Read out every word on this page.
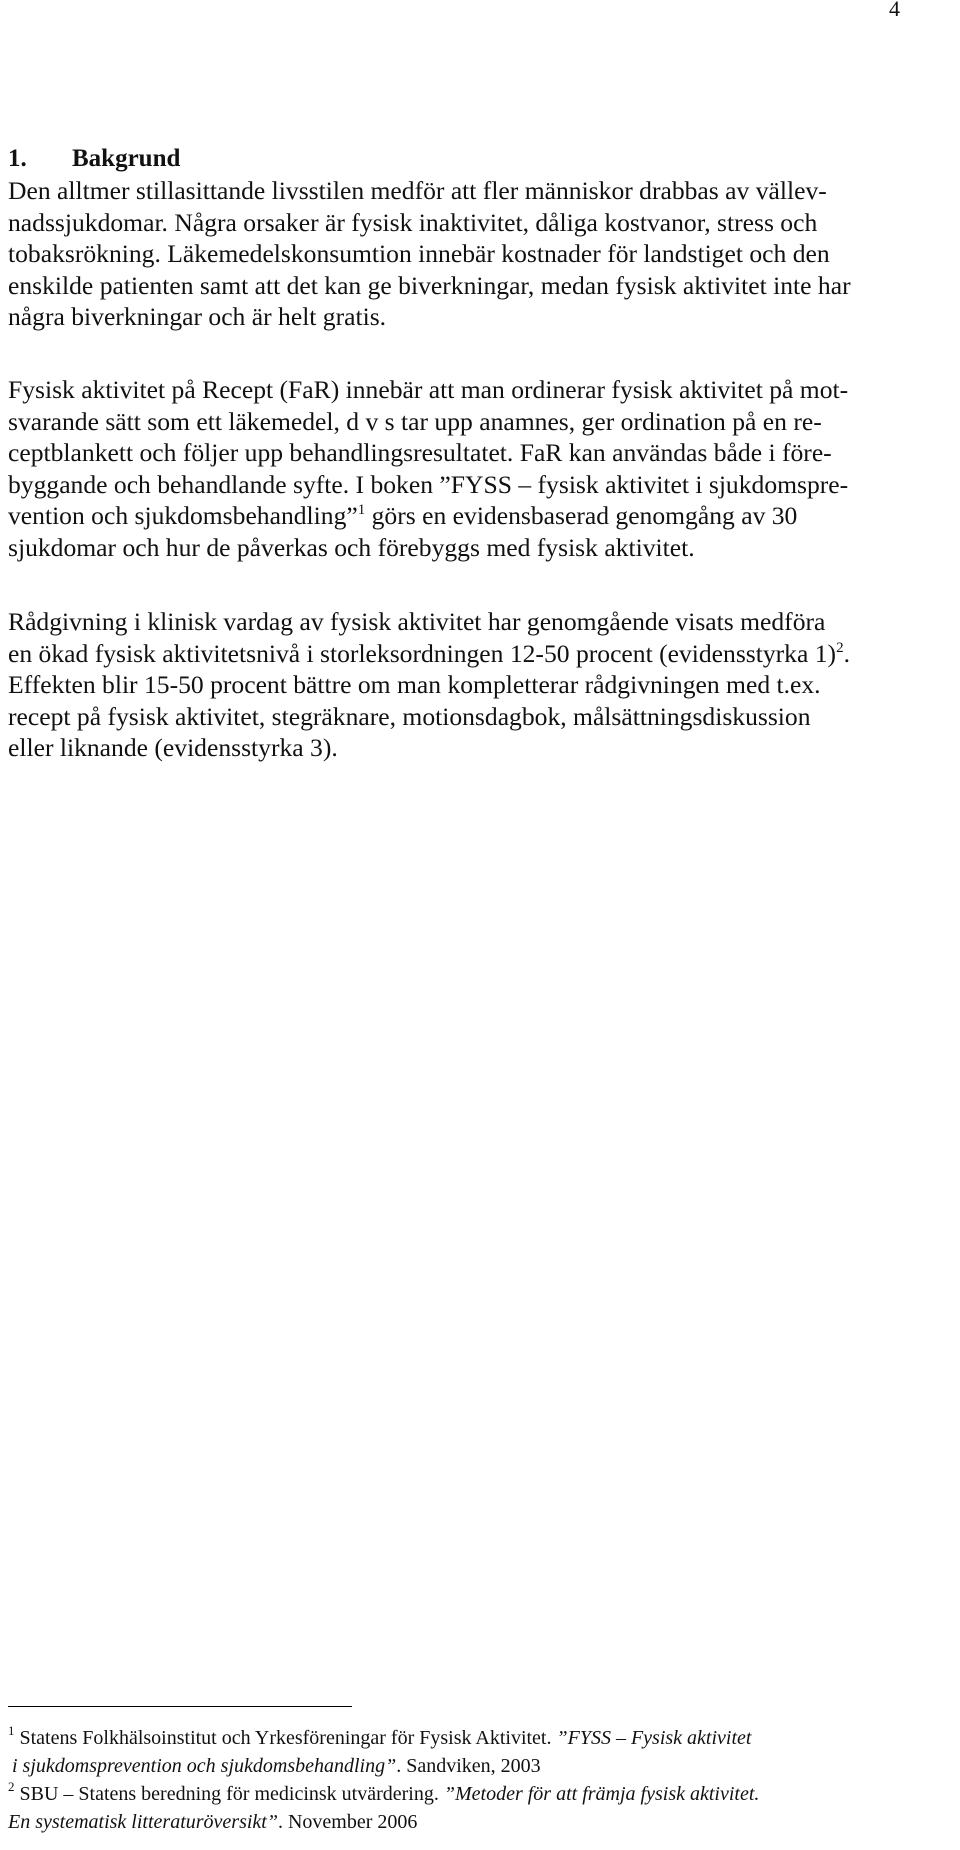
4
1. Bakgrund

Den alltmer stillasittande livsstilen medför att fler människor drabbas av vällev-
nadssjukdomar. Några orsaker är fysisk inaktivitet, dåliga kostvanor, stress och
tobaksrökning. Läkemedelskonsumtion innebär kostnader för landstiget och den
enskilde patienten samt att det kan ge biverkningar, medan fysisk aktivitet inte har
några biverkningar och är helt gratis.

Fysisk aktivitet på Recept (FaR) innebär att man ordinerar fysisk aktivitet på mot-
svarande sätt som ett läkemedel, d v s tar upp anamnes, ger ordination på en re-
ceptblankett och följer upp behandlingsresultatet. FaR kan användas både i före-
byggande och behandlande syfte. I boken ”FYSS – fysisk aktivitet i sjukdomspre-
vention och sjukdomsbehandling”$^1$ görs en evidensbaserad genomgång av 30
sjukdomar och hur de påverkas och förebyggs med fysisk aktivitet.

Rådgivning i klinisk vardag av fysisk aktivitet har genomgående visats medföra
en ökad fysisk aktivitetsnivå i storleksordningen 12-50 procent (evidensstyrka 1)$^2$.
Effekten blir 15-50 procent bättre om man kompletterar rådgivningen med t.ex.
recept på fysisk aktivitet, stegräknare, motionsdagbok, målsättningsdiskussion
eller liknande (evidensstyrka 3).

$^1$ Statens Folkhälsoinstitut och Yrkesföreningar för Fysisk Aktivitet. ”FYSS – Fysisk aktivitet
i sjukdomsprevention och sjukdomsbehandling”. Sandviken, 2003
$^2$ SBU – Statens beredning för medicinsk utvärdering. ”Metoder för att främja fysisk aktivitet.
En systematisk litteraturöversikt”. November 2006
